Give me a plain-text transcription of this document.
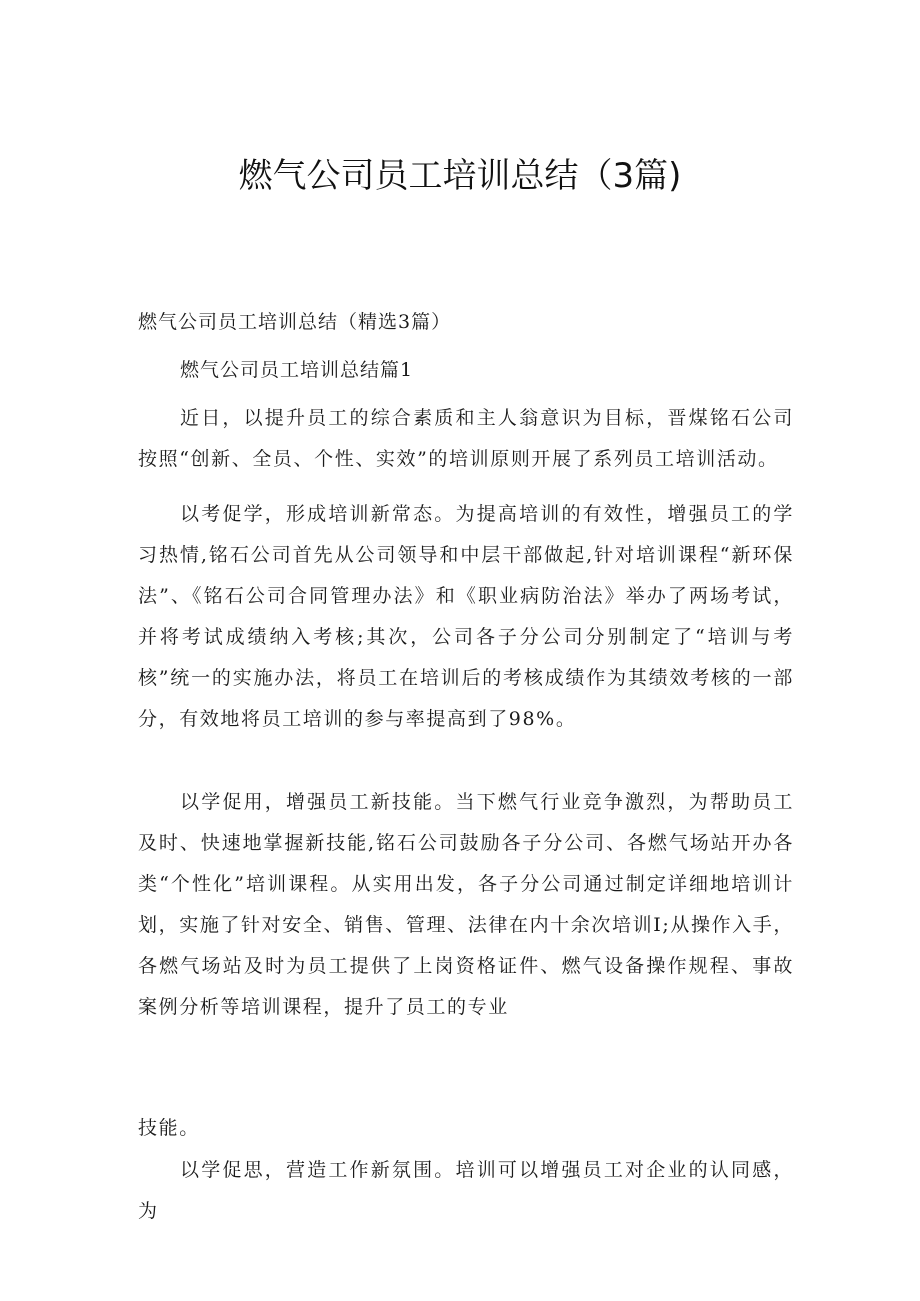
燃气公司员工培训总结（3篇)

燃气公司员工培训总结（精选3篇）

燃气公司员工培训总结篇1

近日，以提升员工的综合素质和主人翁意识为目标，晋煤铭石公司按照“创新、全员、个性、实效”的培训原则开展了系列员工培训活动。

以考促学，形成培训新常态。为提高培训的有效性，增强员工的学习热情,铭石公司首先从公司领导和中层干部做起,针对培训课程“新环保法”、《铭石公司合同管理办法》和《职业病防治法》举办了两场考试，并将考试成绩纳入考核;其次，公司各子分公司分别制定了“培训与考核”统一的实施办法，将员工在培训后的考核成绩作为其绩效考核的一部分，有效地将员工培训的参与率提高到了98%。

以学促用，增强员工新技能。当下燃气行业竞争激烈，为帮助员工及时、快速地掌握新技能,铭石公司鼓励各子分公司、各燃气场站开办各类“个性化”培训课程。从实用出发，各子分公司通过制定详细地培训计划，实施了针对安全、销售、管理、法律在内十余次培训I;从操作入手，各燃气场站及时为员工提供了上岗资格证件、燃气设备操作规程、事故案例分析等培训课程，提升了员工的专业

技能。

以学促思，营造工作新氛围。培训可以增强员工对企业的认同感，为
